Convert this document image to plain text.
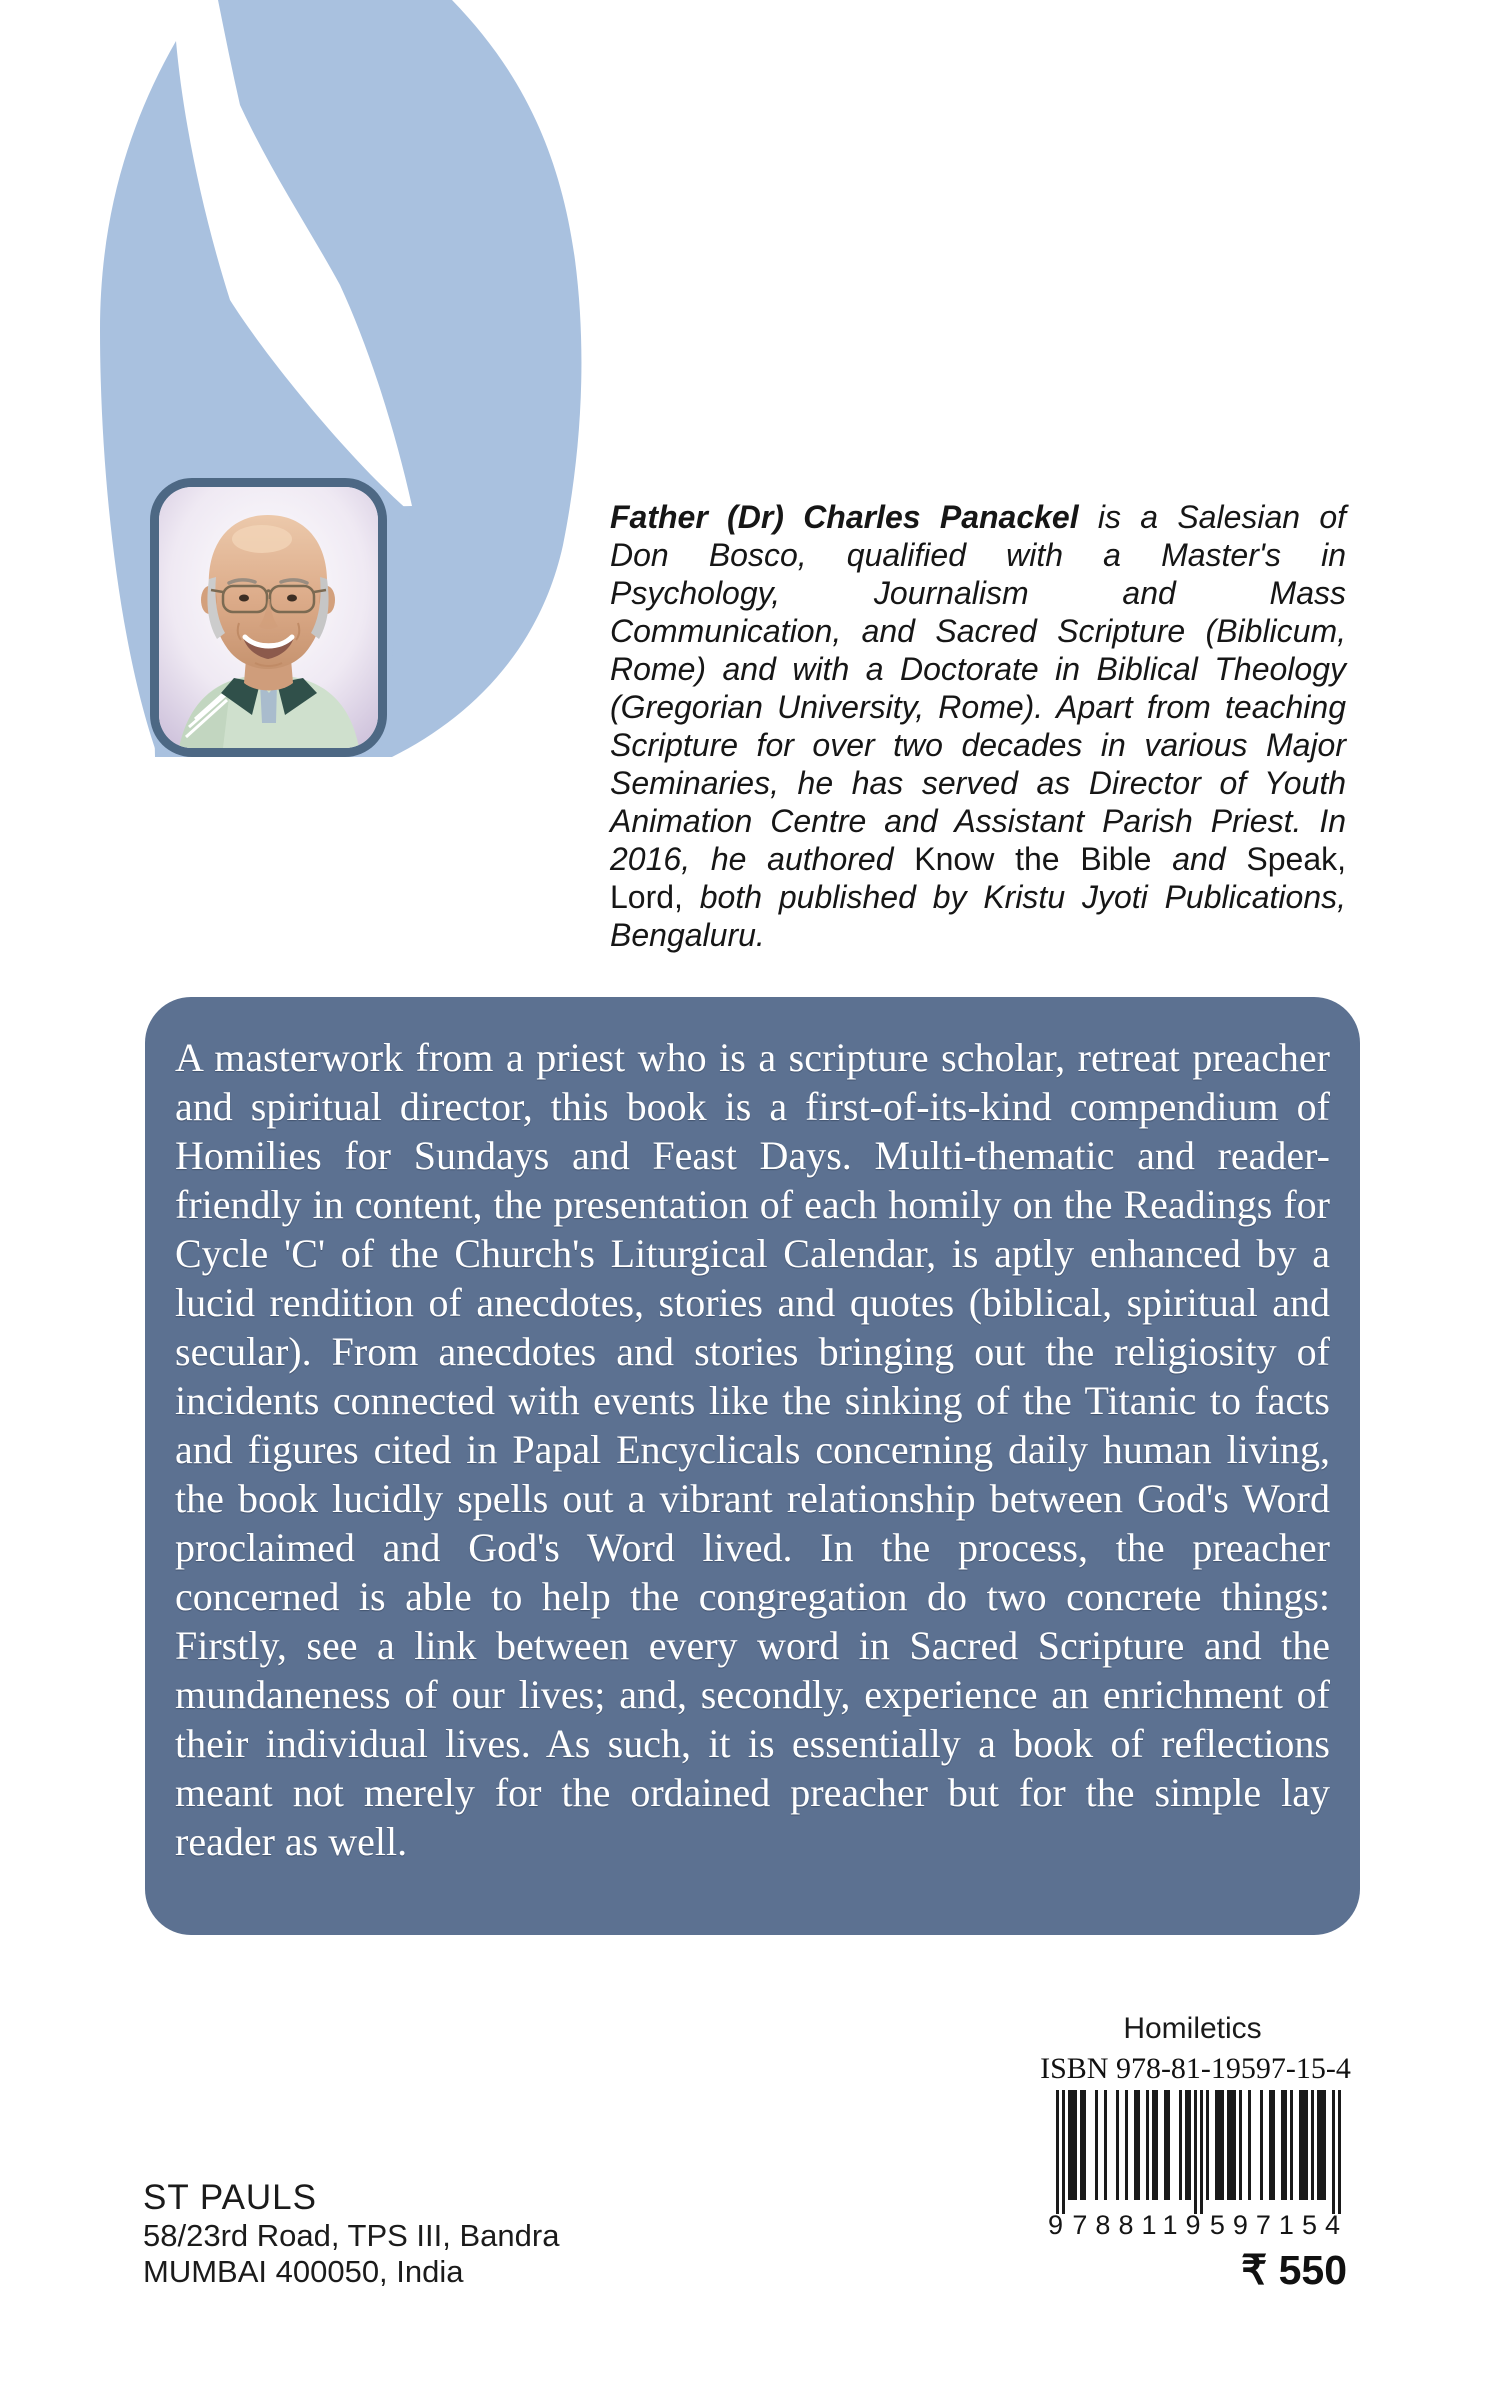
Father (Dr) Charles Panackel is a Salesian of Don Bosco, qualified with a Master's in Psychology, Journalism and Mass Communication, and Sacred Scripture (Biblicum, Rome) and with a Doctorate in Biblical Theology (Gregorian University, Rome). Apart from teaching Scripture for over two decades in various Major Seminaries, he has served as Director of Youth Animation Centre and Assistant Parish Priest. In 2016, he authored Know the Bible and Speak, Lord, both published by Kristu Jyoti Publications, Bengaluru.

A masterwork from a priest who is a scripture scholar, retreat preacher and spiritual director, this book is a first-of-its-kind compendium of Homilies for Sundays and Feast Days. Multi-thematic and reader-friendly in content, the presentation of each homily on the Readings for Cycle 'C' of the Church's Liturgical Calendar, is aptly enhanced by a lucid rendition of anecdotes, stories and quotes (biblical, spiritual and secular). From anecdotes and stories bringing out the religiosity of incidents connected with events like the sinking of the Titanic to facts and figures cited in Papal Encyclicals concerning daily human living, the book lucidly spells out a vibrant relationship between God's Word proclaimed and God's Word lived. In the process, the preacher concerned is able to help the congregation do two concrete things: Firstly, see a link between every word in Sacred Scripture and the mundaneness of our lives; and, secondly, experience an enrichment of their individual lives. As such, it is essentially a book of reflections meant not merely for the ordained preacher but for the simple lay reader as well.
Homiletics
ISBN 978-81-19597-15-4
9 788119 597154
₹ 550
ST PAULS
58/23rd Road, TPS III, Bandra
MUMBAI 400050, India
